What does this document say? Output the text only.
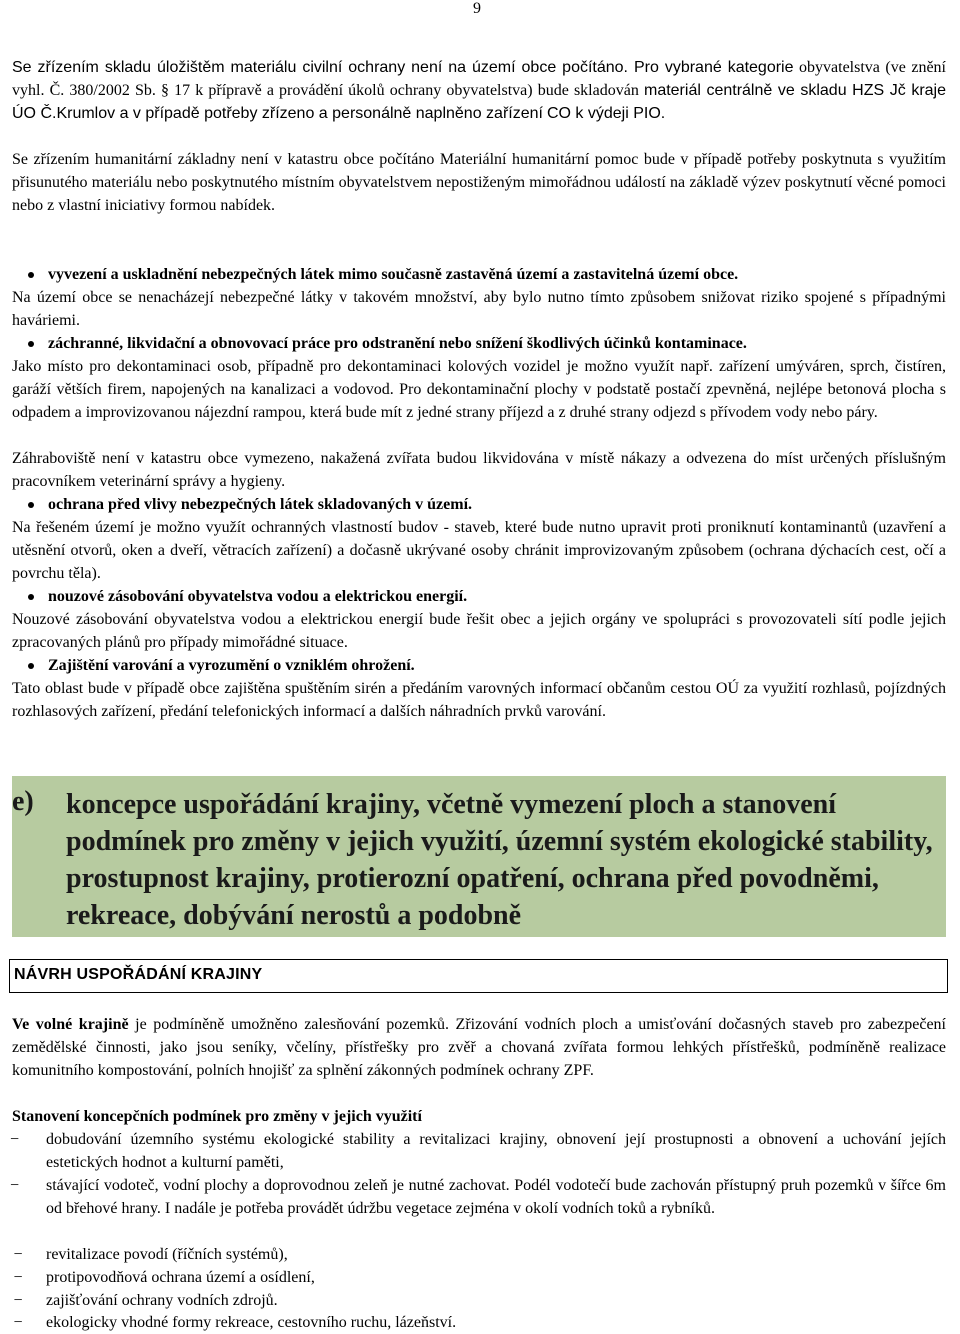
9
Se zřízením skladu úložištěm materiálu civilní ochrany není na území obce počítáno. Pro vybrané kategorie obyvatelstva (ve znění vyhl. Č. 380/2002 Sb. § 17 k přípravě a provádění úkolů ochrany obyvatelstva) bude skladován materiál centrálně ve skladu HZS Jč kraje ÚO Č.Krumlov a v případě potřeby zřízeno a personálně naplněno zařízení CO k výdeji PIO.

Se zřízením humanitární základny není v katastru obce počítáno Materiální humanitární pomoc bude v případě potřeby poskytnuta s využitím přisunutého materiálu nebo poskytnutého místním obyvatelstvem nepostiženým mimořádnou událostí na základě výzev poskytnutí věcné pomoci nebo z vlastní iniciativy formou nabídek.

vyvezení a uskladnění nebezpečných látek mimo současně zastavěná území a zastavitelná území obce.

Na území obce se nenacházejí nebezpečné látky v takovém množství, aby bylo nutno tímto způsobem snižovat riziko spojené s případnými haváriemi.

záchranné, likvidační a obnovovací práce pro odstranění nebo snížení škodlivých účinků kontaminace.

Jako místo pro dekontaminaci osob, případně pro dekontaminaci kolových vozidel je možno využít např. zařízení umýváren, sprch, čistíren, garáží větších firem, napojených na kanalizaci a vodovod. Pro dekontaminační plochy v podstatě postačí zpevněná, nejlépe betonová plocha s odpadem a improvizovanou nájezdní rampou, která bude mít z jedné strany příjezd a z druhé strany odjezd s přívodem vody nebo páry.

Záhraboviště není v katastru obce vymezeno, nakažená zvířata budou likvidována v místě nákazy a odvezena do míst určených příslušným pracovníkem veterinární správy a hygieny.

ochrana před vlivy nebezpečných látek skladovaných v území.

Na řešeném území je možno využít ochranných vlastností budov - staveb, které bude nutno upravit proti proniknutí kontaminantů (uzavření a utěsnění otvorů, oken a dveří, větracích zařízení) a dočasně ukrývané osoby chránit improvizovaným způsobem (ochrana dýchacích cest, očí a povrchu těla).

nouzové zásobování obyvatelstva vodou a elektrickou energií.

Nouzové zásobování obyvatelstva vodou a elektrickou energií bude řešit obec a jejich orgány ve spolupráci s provozovateli sítí podle jejich zpracovaných plánů pro případy mimořádné situace.

Zajištění varování a vyrozumění o vzniklém ohrožení.

Tato oblast bude v případě obce zajištěna spuštěním sirén a předáním varovných informací občanům cestou OÚ za využití rozhlasů, pojízdných rozhlasových zařízení, předání telefonických informací a dalších náhradních prvků varování.

e) koncepce uspořádání krajiny, včetně vymezení ploch a stanovení podmínek pro změny v jejich využití, územní systém ekologické stability, prostupnost krajiny, protierozní opatření, ochrana před povodněmi, rekreace, dobývání nerostů a podobně
NÁVRH USPOŘÁDÁNÍ KRAJINY

Ve volné krajině je podmíněně umožněno zalesňování pozemků. Zřizování vodních ploch a umisťování dočasných staveb pro zabezpečení zemědělské činnosti, jako jsou seníky, včelíny, přístřešky pro zvěř a chovaná zvířata formou lehkých přístřešků, podmíněně realizace komunitního kompostování, polních hnojišť za splnění zákonných podmínek ochrany ZPF.

Stanovení koncepčních podmínek pro změny v jejich využití
−	dobudování územního systému ekologické stability a revitalizaci krajiny, obnovení její prostupnosti a obnovení a uchování jejích estetických hodnot a kulturní paměti,
−	stávající vodoteč, vodní plochy a doprovodnou zeleň je nutné zachovat. Podél vodotečí bude zachován přístupný pruh pozemků v šířce 6m od břehové hrany. I nadále je potřeba provádět údržbu vegetace zejména v okolí vodních toků a rybníků.
−	revitalizace povodí (říčních systémů),
−	protipovodňová ochrana území a osídlení,
−	zajišťování ochrany vodních zdrojů.
−	ekologicky vhodné formy rekreace, cestovního ruchu, lázeňství.
